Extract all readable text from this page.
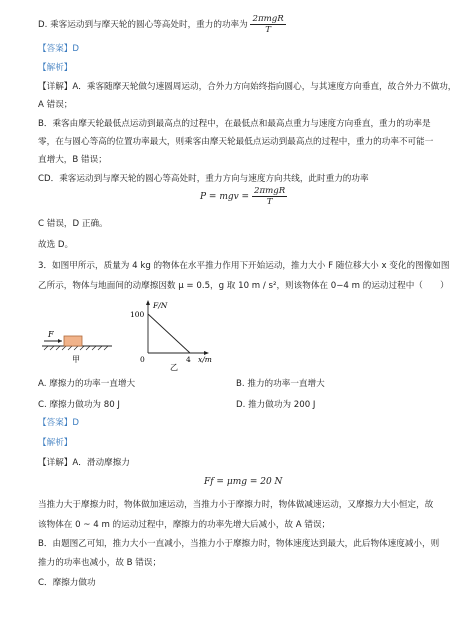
D. 乘客运动到与摩天轮的圆心等高处时，重力的功率为 $\frac{\text{2πmgR}}{T}$
【答案】D
【解析】
【详解】A．乘客随摩天轮做匀速圆周运动，合外力方向始终指向圆心，与其速度方向垂直，故合外力不做功，
A 错误；
B．乘客由摩天轮最低点运动到最高点的过程中，在最低点和最高点重力与速度方向垂直，重力的功率是
零，在与圆心等高的位置功率最大，则乘客由摩天轮最低点运动到最高点的过程中，重力的功率不可能一
直增大，B 错误；
CD．乘客运动到与摩天轮的圆心等高处时，重力方向与速度方向共线，此时重力的功率
P = mgv = $\frac{\text{2πmgR}}{T}$
C 错误，D 正确。
故选 D。
3．如图甲所示，质量为 4 kg 的物体在水平推力作用下开始运动，推力大小 F 随位移大小 x 变化的图像如图
乙所示，物体与地面间的动摩擦因数 μ = 0.5，g 取 10 m / s²，则该物体在 0−4 m 的运动过程中（　　）
F
甲
F/N
100
0	4 x/m
乙
A. 摩擦力的功率一直增大	B. 推力的功率一直增大
C. 摩擦力做功为 80 J	D. 推力做功为 200 J
【答案】D
【解析】
【详解】A．滑动摩擦力
Ff = μmg = 20 N
当推力大于摩擦力时，物体做加速运动，当推力小于摩擦力时，物体做减速运动，又摩擦力大小恒定，故
该物体在 0 ~ 4 m 的运动过程中，摩擦力的功率先增大后减小，故 A 错误；
B．由题图乙可知，推力大小一直减小，当推力小于摩擦力时，物体速度达到最大，此后物体速度减小，则
推力的功率也减小，故 B 错误；
C．摩擦力做功
